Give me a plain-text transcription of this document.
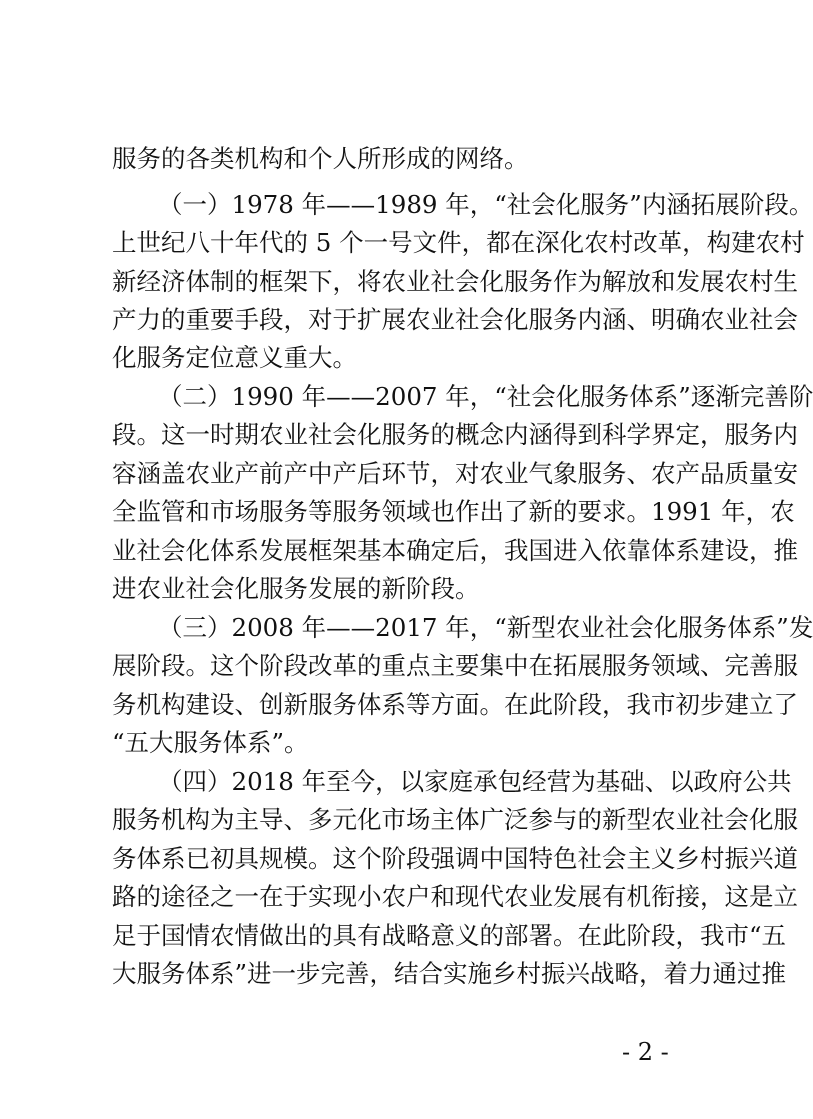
服务的各类机构和个人所形成的网络。
（一）1978 年——1989 年，“社会化服务”内涵拓展阶段。
上世纪八十年代的 5 个一号文件，都在深化农村改革，构建农村
新经济体制的框架下，将农业社会化服务作为解放和发展农村生
产力的重要手段，对于扩展农业社会化服务内涵、明确农业社会
化服务定位意义重大。
（二）1990 年——2007 年，“社会化服务体系”逐渐完善阶
段。这一时期农业社会化服务的概念内涵得到科学界定，服务内
容涵盖农业产前产中产后环节，对农业气象服务、农产品质量安
全监管和市场服务等服务领域也作出了新的要求。1991 年，农
业社会化体系发展框架基本确定后，我国进入依靠体系建设，推
进农业社会化服务发展的新阶段。
（三）2008 年——2017 年，“新型农业社会化服务体系”发
展阶段。这个阶段改革的重点主要集中在拓展服务领域、完善服
务机构建设、创新服务体系等方面。在此阶段，我市初步建立了
“五大服务体系”。
（四）2018 年至今，以家庭承包经营为基础、以政府公共
服务机构为主导、多元化市场主体广泛参与的新型农业社会化服
务体系已初具规模。这个阶段强调中国特色社会主义乡村振兴道
路的途径之一在于实现小农户和现代农业发展有机衔接，这是立
足于国情农情做出的具有战略意义的部署。在此阶段，我市“五
大服务体系”进一步完善，结合实施乡村振兴战略，着力通过推
- 2 -
